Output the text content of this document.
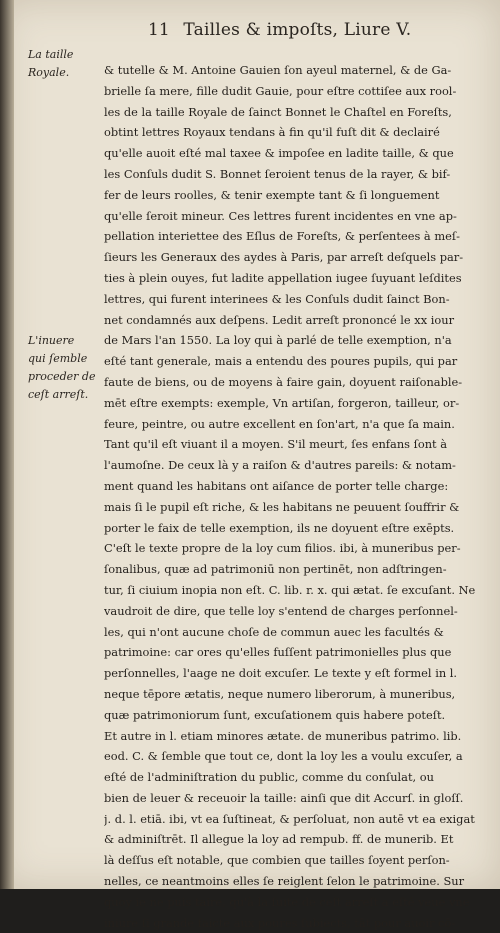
11 Tailles & impoſts, Liure V.
La taille
Royale.
L'inuere
qui ſemble
proceder de
ceſt arreſt.
& tutelle & M. Antoine Gauien ſon ayeul maternel, & de Ga-
brielle ſa mere, fille dudit Gauie, pour eſtre cottiſee aux rool-
les de la taille Royale de ſainct Bonnet le Chaſtel en Foreſts,
obtint lettres Royaux tendans à fin qu'il fuſt dit & declairé
qu'elle auoit eſté mal taxee & impoſee en ladite taille, & que
les Conſuls dudit S. Bonnet ſeroient tenus de la rayer, & bif-
fer de leurs roolles, & tenir exempte tant & ſi longuement
qu'elle ſeroit mineur. Ces lettres furent incidentes en vne ap-
pellation interiettee des Eſlus de Foreſts, & perſentees à meſ-
ſieurs les Generaux des aydes à Paris, par arreſt deſquels par-
ties à plein ouyes, fut ladite appellation iugee ſuyuant leſdites
lettres, qui furent interinees & les Conſuls dudit ſainct Bon-
net condamnés aux deſpens. Ledit arreſt prononcé le xx iour
de Mars l'an 1550. La loy qui à parlé de telle exemption, n'a
eſté tant generale, mais a entendu des poures pupils, qui par
faute de biens, ou de moyens à faire gain, doyuent raiſonable-
mēt eſtre exempts: exemple, Vn artiſan, forgeron, tailleur, or-
feure, peintre, ou autre excellent en ſon'art, n'a que ſa main.
Tant qu'il eſt viuant il a moyen. S'il meurt, ſes enfans ſont à
l'aumoſne. De ceux là y a raiſon & d'autres pareils: & notam-
ment quand les habitans ont aiſance de porter telle charge:
mais ſi le pupil eſt riche, & les habitans ne peuuent ſouffrir &
porter le faix de telle exemption, ils ne doyuent eſtre exēpts.
C'eſt le texte propre de la loy cum filios. ibi, à muneribus per-
ſonalibus, quæ ad patrimoniū non pertinēt, non adſtringen-
tur, ſi ciuium inopia non eſt. C. lib. r. x. qui ætat. ſe excuſant. Ne
vaudroit de dire, que telle loy s'entend de charges perſonnel-
les, qui n'ont aucune choſe de commun auec les facultés &
patrimoine: car ores qu'elles fuſſent patrimonielles plus que
perſonnelles, l'aage ne doit excuſer. Le texte y eſt formel in l.
neque tēpore ætatis, neque numero liberorum, à muneribus,
quæ patrimoniorum ſunt, excuſationem quis habere poteſt.
Et autre in l. etiam minores ætate. de muneribus patrimo. lib.
eod. C. & ſemble que tout ce, dont la loy les a voulu excuſer, a
eſté de l'adminiſtration du public, comme du conſulat, ou
bien de leuer & receuoir la taille: ainſi que dit Accurſ. in gloſſ.
j. d. l. etiā. ibi, vt ea ſuſtineat, & perſoluat, non autē vt ea exigat
& adminiſtrēt. Il allegue la loy ad rempub. ff. de munerib. Et
là deſſus eſt notable, que combien que tailles ſoyent perſon-
nelles, ce neantmoins elles ſe reiglent ſelon le patrimoine. Sur
quoy ie ne puis taire, qu'à la ſuite de ceſt arreſt a eſté veue vne
iniure ſi grande faicte aux poures ſubiects, tāt pour auoir cō-
